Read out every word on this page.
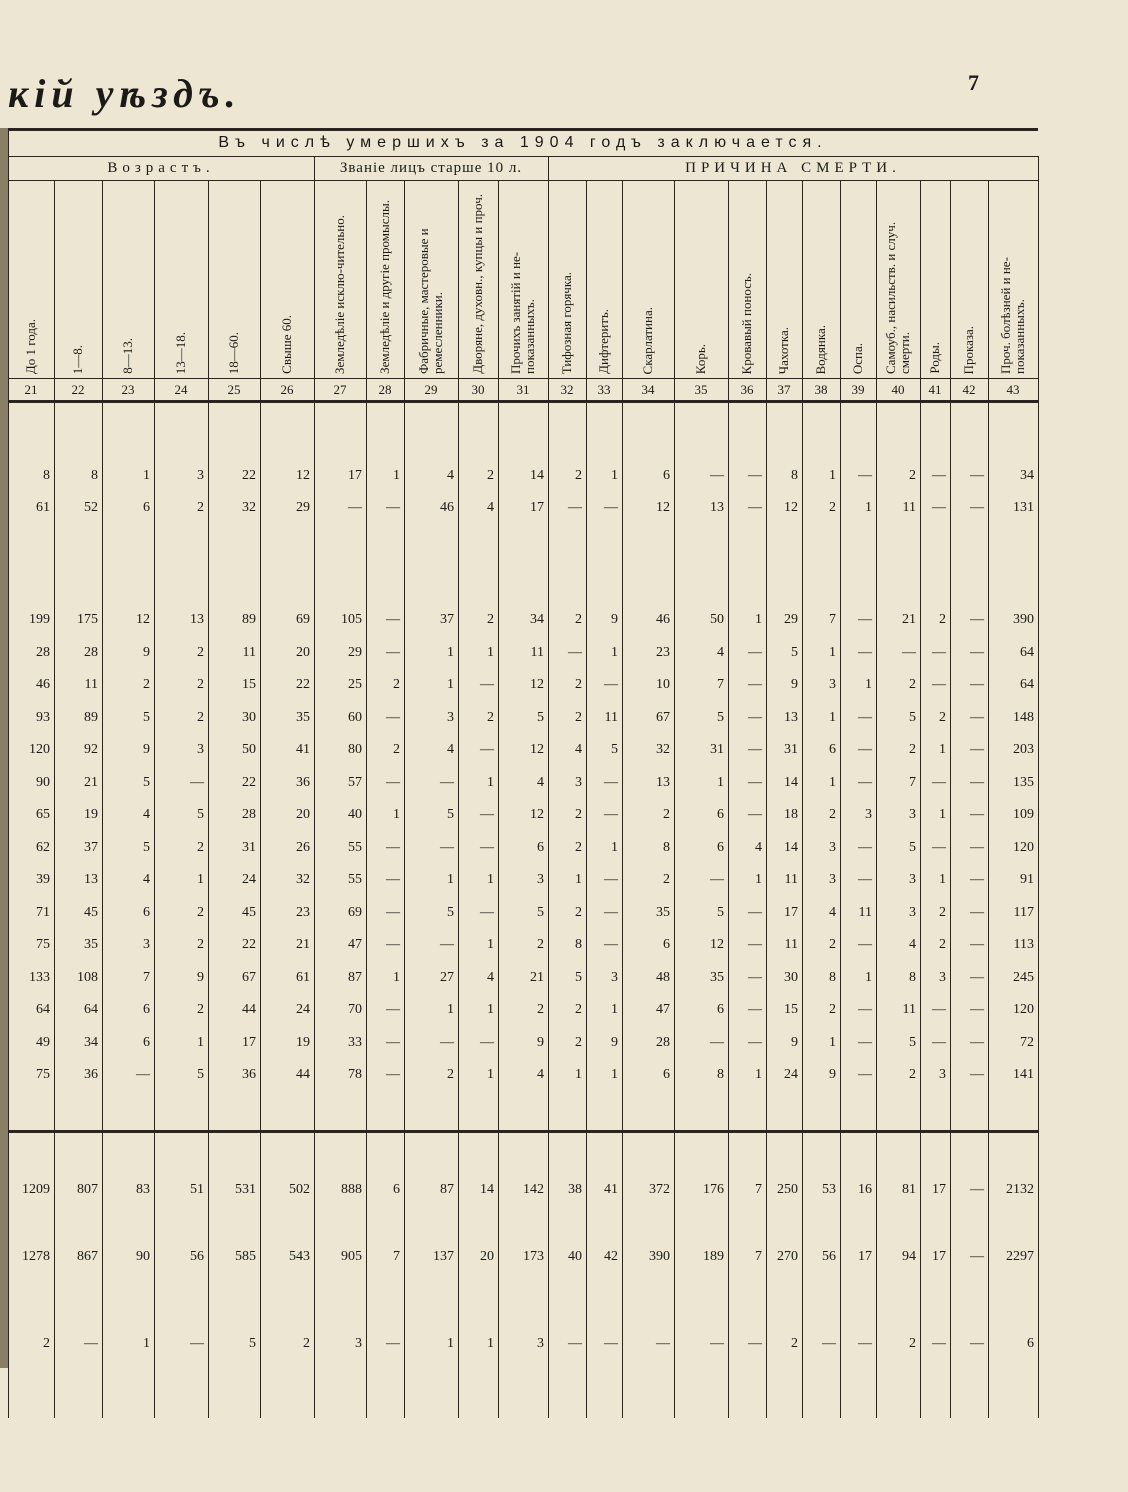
кій уѣздъ.	7
Въ числѣ умершихъ за 1904 годъ заключается.
Возрастъ.	Званіе лицъ старше 10 л.	ПРИЧИНА СМЕРТИ.
До 1 года.
21
1—8.
22
8—13.
23
13—18.
24
18—60.
25
Свыше 60.
26
Земледѣліе исклю-чительно.
27
Земледѣліе и другіе промыслы.
28
Фабричные, мастеровые и ремесленники.
29
Дворяне, духовн., купцы и проч.
30
Прочихъ занятій и не-показанныхъ.
31
Тифозная горячка.
32
Дифтеритъ.
33
Скарлатина.
34
Корь.
35
Кровавый поносъ.
36
Чахотка.
37
Водянка.
38
Оспа.
39
Самоуб., насильств. и случ. смерти.
40
Роды.
41
Проказа.
42
Проч. болѣзней и не-показанныхъ.
43
8	8	1	3	22	12	17	1	4	2	14	2	1	6	—	—	8	1	—	2	—	—	34
61	52	6	2	32	29	—	—	46	4	17	—	—	12	13	—	12	2	1	11	—	—	131
199	175	12	13	89	69	105	—	37	2	34	2	9	46	50	1	29	7	—	21	2	—	390
28	28	9	2	11	20	29	—	1	1	11	—	1	23	4	—	5	1	—	—	—	—	64
46	11	2	2	15	22	25	2	1	—	12	2	—	10	7	—	9	3	1	2	—	—	64
93	89	5	2	30	35	60	—	3	2	5	2	11	67	5	—	13	1	—	5	2	—	148
120	92	9	3	50	41	80	2	4	—	12	4	5	32	31	—	31	6	—	2	1	—	203
90	21	5	—	22	36	57	—	—	1	4	3	—	13	1	—	14	1	—	7	—	—	135
65	19	4	5	28	20	40	1	5	—	12	2	—	2	6	—	18	2	3	3	1	—	109
62	37	5	2	31	26	55	—	—	—	6	2	1	8	6	4	14	3	—	5	—	—	120
39	13	4	1	24	32	55	—	1	1	3	1	—	2	—	1	11	3	—	3	1	—	91
71	45	6	2	45	23	69	—	5	—	5	2	—	35	5	—	17	4	11	3	2	—	117
75	35	3	2	22	21	47	—	—	1	2	8	—	6	12	—	11	2	—	4	2	—	113
133	108	7	9	67	61	87	1	27	4	21	5	3	48	35	—	30	8	1	8	3	—	245
64	64	6	2	44	24	70	—	1	1	2	2	1	47	6	—	15	2	—	11	—	—	120
49	34	6	1	17	19	33	—	—	—	9	2	9	28	—	—	9	1	—	5	—	—	72
75	36	—	5	36	44	78	—	2	1	4	1	1	6	8	1	24	9	—	2	3	—	141
1209	807	83	51	531	502	888	6	87	14	142	38	41	372	176	7	250	53	16	81	17	—	2132
1278	867	90	56	585	543	905	7	137	20	173	40	42	390	189	7	270	56	17	94	17	—	2297
2	—	1	—	5	2	3	—	1	1	3	—	—	—	—	—	2	—	—	2	—	—	6
